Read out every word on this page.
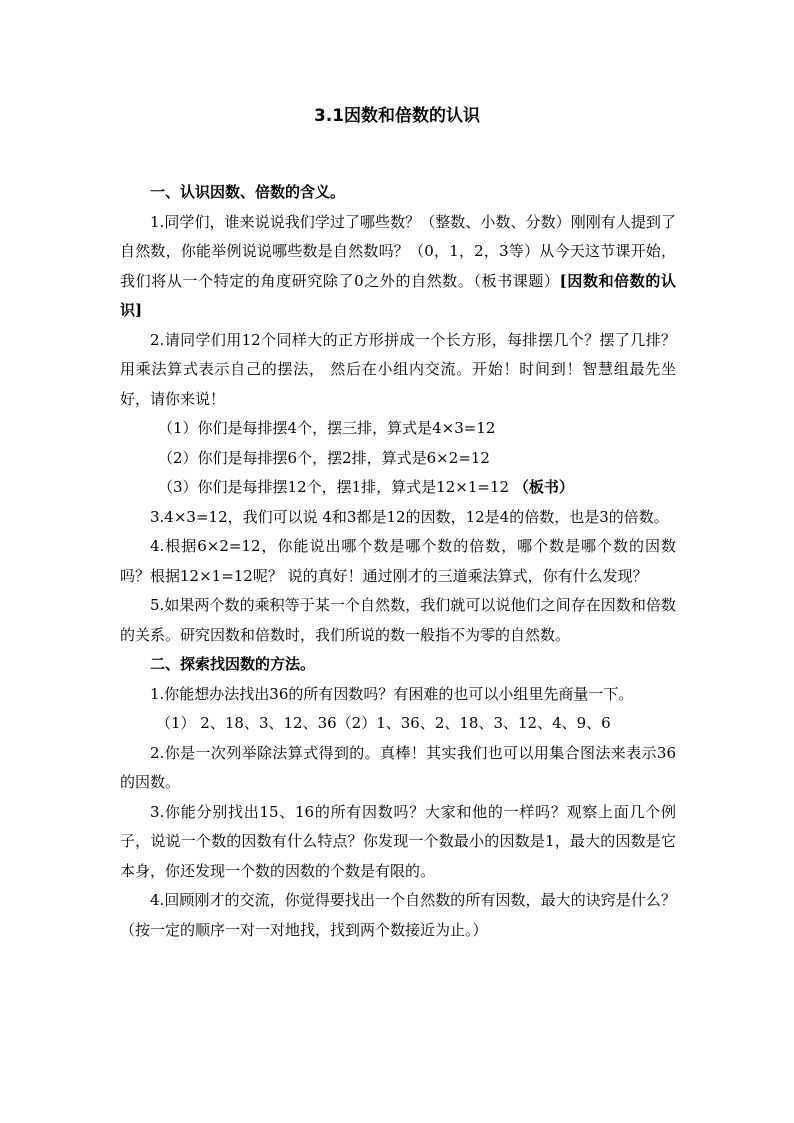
3.1因数和倍数的认识

一、认识因数、倍数的含义。

1.同学们，谁来说说我们学过了哪些数？（整数、小数、分数）刚刚有人提到了自然数，你能举例说说哪些数是自然数吗？（0，1，2，3等）从今天这节课开始，我们将从一个特定的角度研究除了0之外的自然数。（板书课题）[因数和倍数的认识]

2.请同学们用12个同样大的正方形拼成一个长方形，每排摆几个？摆了几排？用乘法算式表示自己的摆法， 然后在小组内交流。开始！时间到！智慧组最先坐好，请你来说！

（1）你们是每排摆4个，摆三排，算式是4×3=12

（2）你们是每排摆6个，摆2排，算式是6×2=12

（3）你们是每排摆12个，摆1排，算式是12×1=12 （板书）

3.4×3=12，我们可以说 4和3都是12的因数，12是4的倍数，也是3的倍数。

4.根据6×2=12，你能说出哪个数是哪个数的倍数，哪个数是哪个数的因数吗？根据12×1=12呢？ 说的真好！通过刚才的三道乘法算式，你有什么发现？

5.如果两个数的乘积等于某一个自然数，我们就可以说他们之间存在因数和倍数的关系。研究因数和倍数时，我们所说的数一般指不为零的自然数。

二、探索找因数的方法。

1.你能想办法找出36的所有因数吗？有困难的也可以小组里先商量一下。

（1） 2、18、3、12、36（2）1、36、2、18、3、12、4、9、6

2.你是一次列举除法算式得到的。真棒！其实我们也可以用集合图法来表示36的因数。

3.你能分别找出15、16的所有因数吗？大家和他的一样吗？观察上面几个例子，说说一个数的因数有什么特点？你发现一个数最小的因数是1，最大的因数是它本身，你还发现一个数的因数的个数是有限的。

4.回顾刚才的交流，你觉得要找出一个自然数的所有因数，最大的诀窍是什么？（按一定的顺序一对一对地找，找到两个数接近为止。）
